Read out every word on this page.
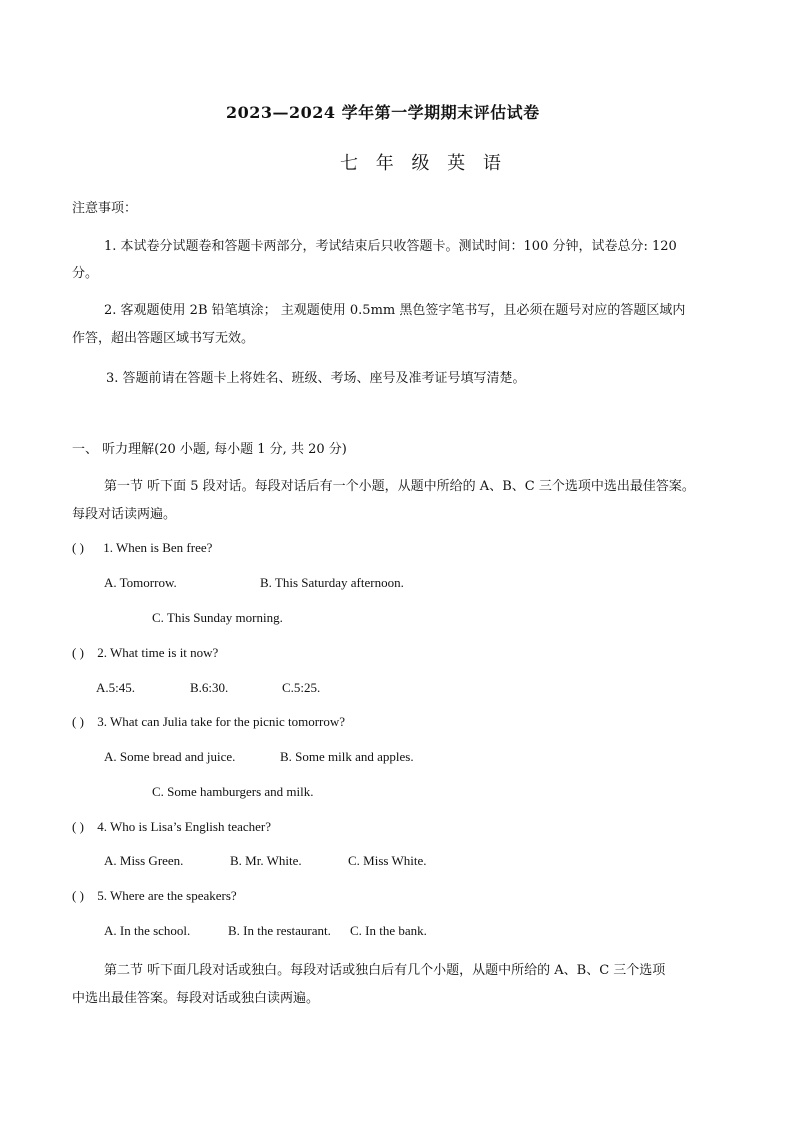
2023—2024 学年第一学期期末评估试卷
七 年 级 英 语
注意事项：
1. 本试卷分试题卷和答题卡两部分，考试结束后只收答题卡。测试时间：100 分钟，试卷总分: 120
分。
2. 客观题使用 2B 铅笔填涂； 主观题使用 0.5mm 黑色签字笔书写，且必须在题号对应的答题区域内
作答，超出答题区域书写无效。
3. 答题前请在答题卡上将姓名、班级、考场、座号及准考证号填写清楚。
一、 听力理解(20 小题, 每小题 1 分, 共 20 分)
第一节 听下面 5 段对话。每段对话后有一个小题，从题中所给的 A、B、C 三个选项中选出最佳答案。
每段对话读两遍。
( ) 1. When is Ben free?
A. Tomorrow.	B. This Saturday afternoon.
C. This Sunday morning.
( ) 2. What time is it now?
A.5:45.	B.6:30.	C.5:25.
( ) 3. What can Julia take for the picnic tomorrow?
A. Some bread and juice.	B. Some milk and apples.
C. Some hamburgers and milk.
( ) 4. Who is Lisa’s English teacher?
A. Miss Green.	B. Mr. White.	C. Miss White.
( ) 5. Where are the speakers?
A. In the school.	B. In the restaurant. C. In the bank.
第二节 听下面几段对话或独白。每段对话或独白后有几个小题，从题中所给的 A、B、C 三个选项
中选出最佳答案。每段对话或独白读两遍。
